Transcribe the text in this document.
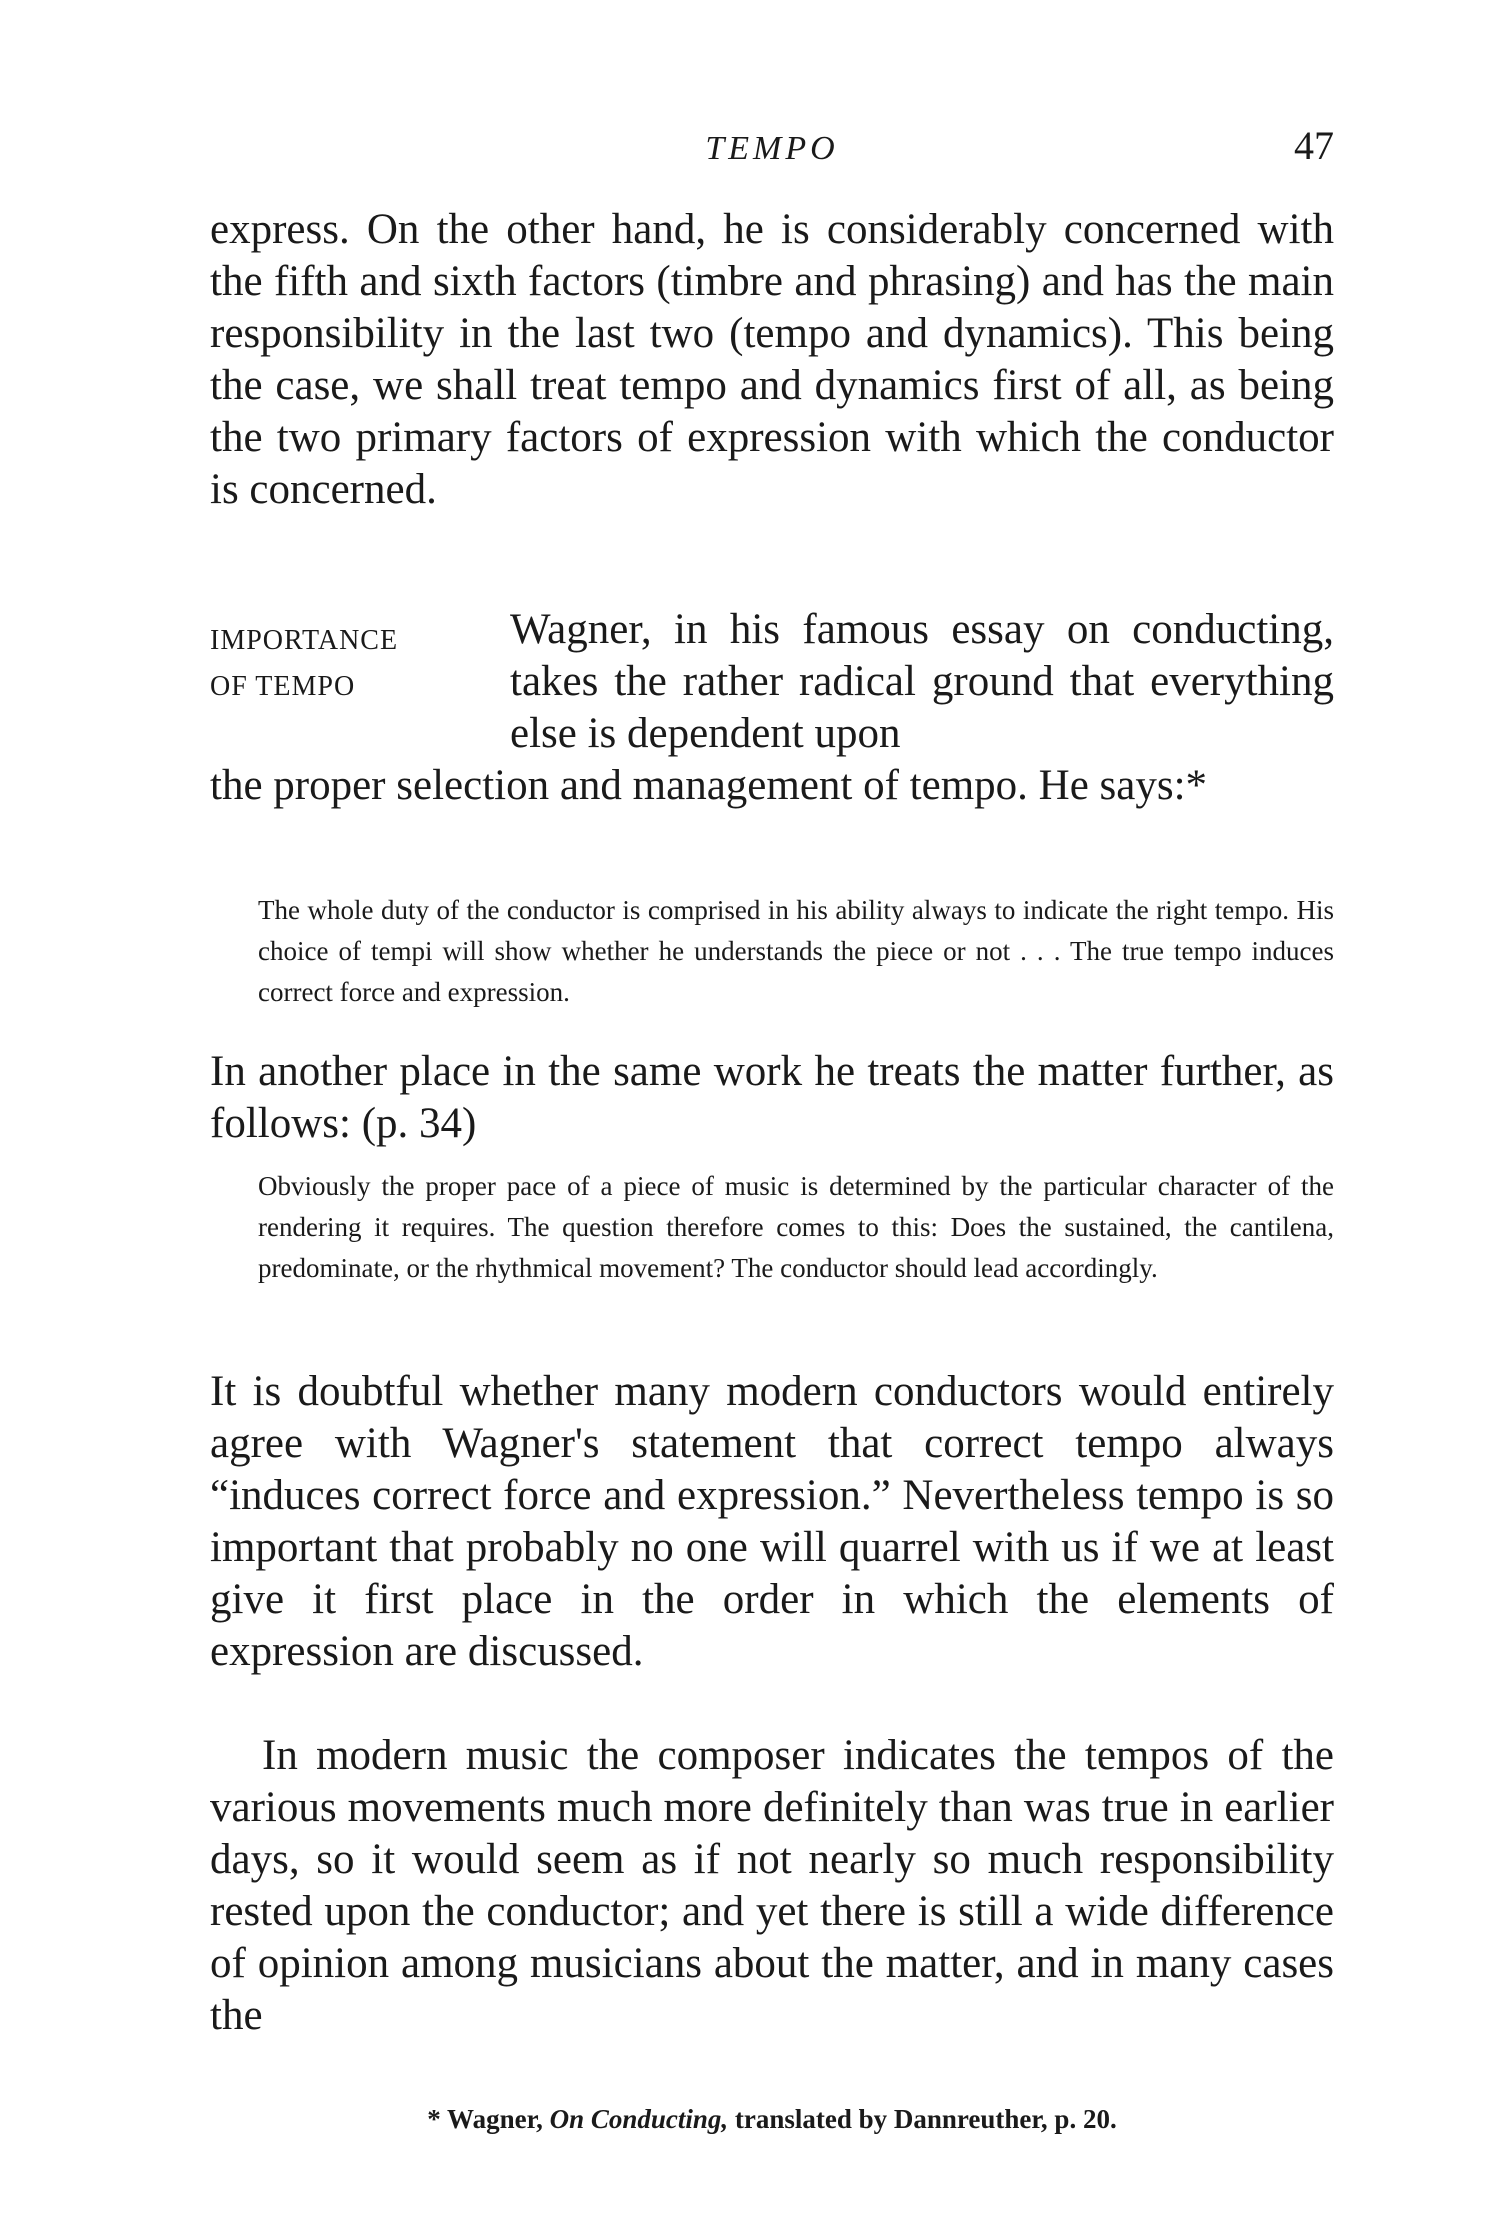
TEMPO	47

express. On the other hand, he is considerably concerned with the fifth and sixth factors (timbre and phrasing) and has the main responsibility in the last two (tempo and dynamics). This being the case, we shall treat tempo and dynamics first of all, as being the two primary factors of expression with which the conductor is concerned.

IMPORTANCE
OF TEMPO
Wagner, in his famous essay on conducting, takes the rather radical ground that everything else is dependent upon

the proper selection and management of tempo. He says:*

The whole duty of the conductor is comprised in his ability always to indicate the right tempo. His choice of tempi will show whether he understands the piece or not . . . The true tempo induces correct force and expression.

In another place in the same work he treats the matter further, as follows: (p. 34)

Obviously the proper pace of a piece of music is determined by the particular character of the rendering it requires. The question therefore comes to this: Does the sustained, the cantilena, predominate, or the rhythmical movement? The conductor should lead accordingly.

It is doubtful whether many modern conductors would entirely agree with Wagner's statement that correct tempo always “induces correct force and expression.” Nevertheless tempo is so important that probably no one will quarrel with us if we at least give it first place in the order in which the elements of expression are discussed.

In modern music the composer indicates the tempos of the various movements much more definitely than was true in earlier days, so it would seem as if not nearly so much responsibility rested upon the conductor; and yet there is still a wide difference of opinion among musicians about the matter, and in many cases the

* Wagner, On Conducting, translated by Dannreuther, p. 20.
